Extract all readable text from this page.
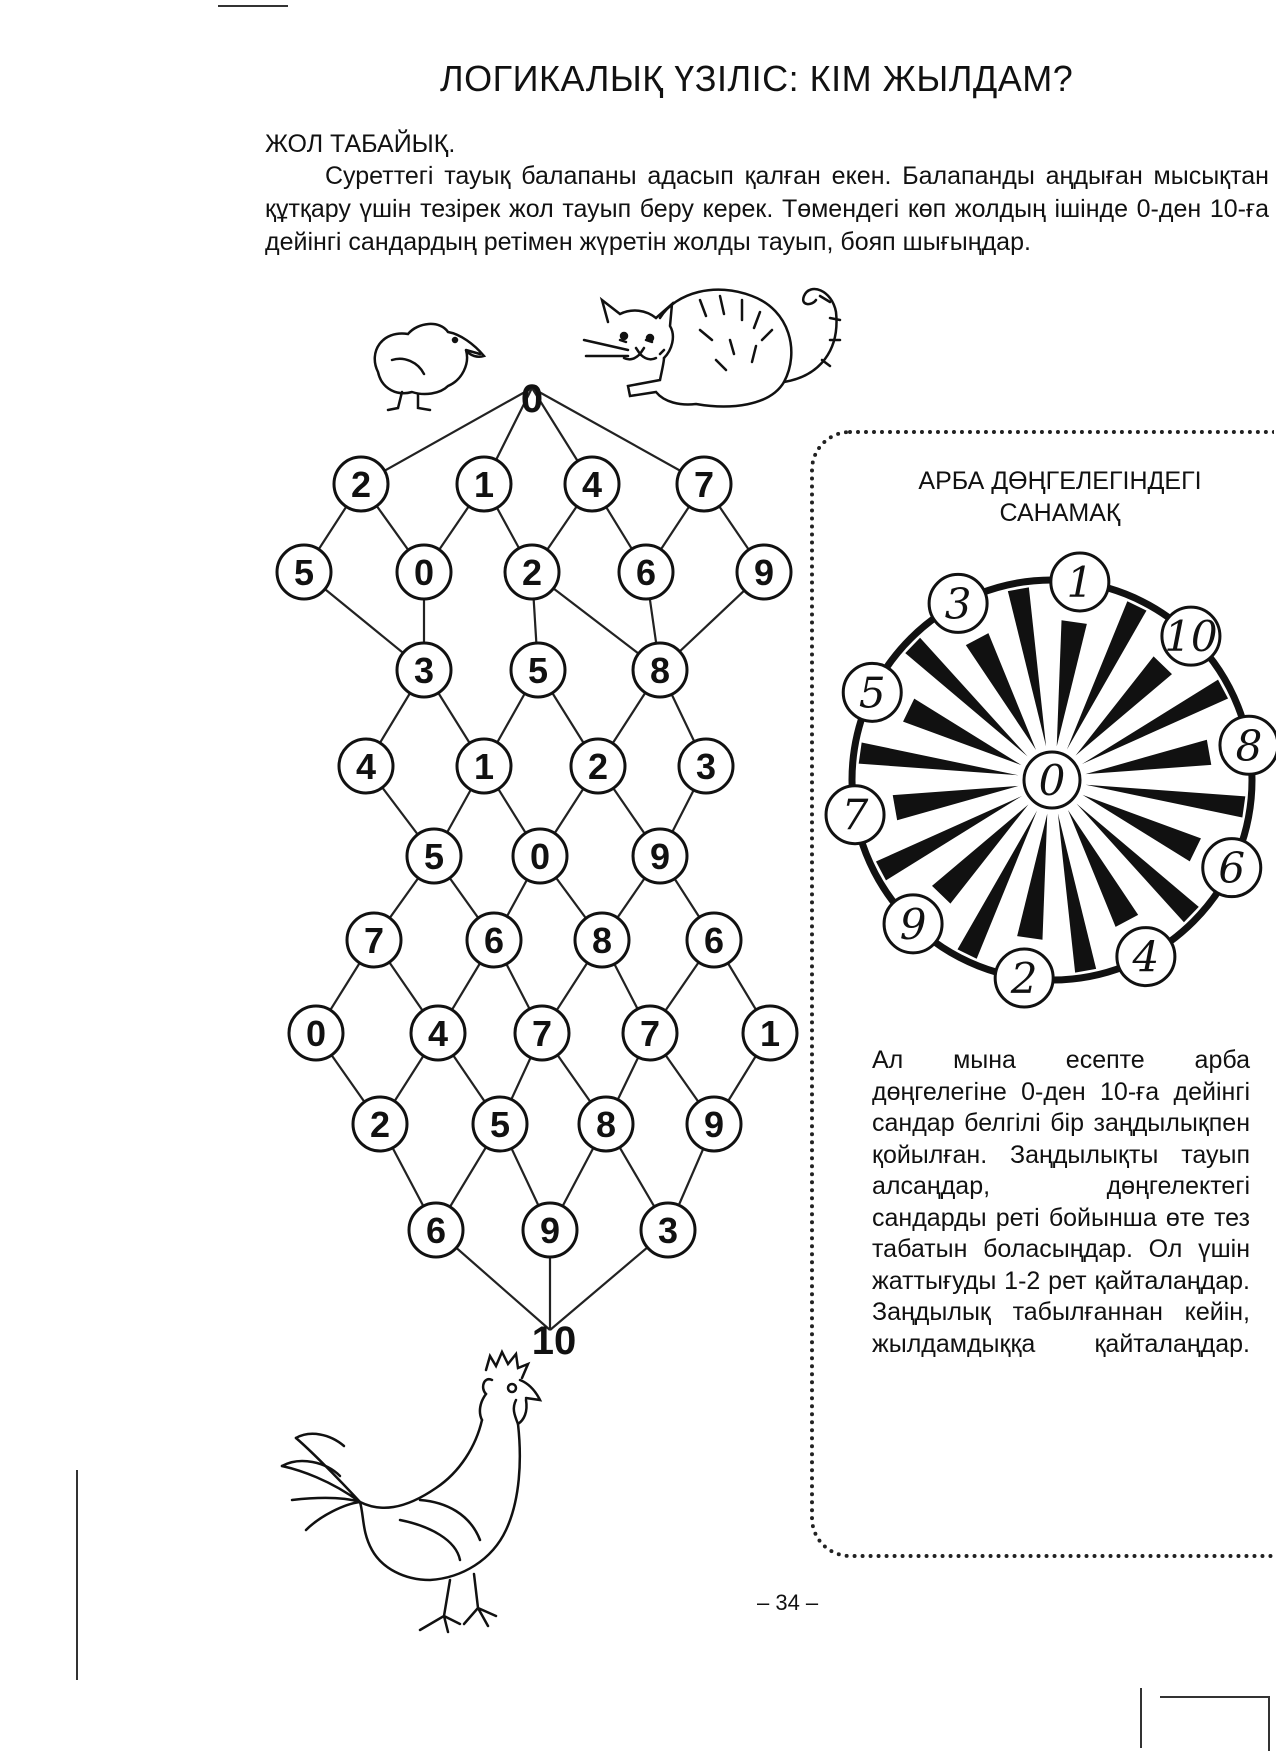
ЛОГИКАЛЫҚ ҮЗІЛІС: КІМ ЖЫЛДАМ?
ЖОЛ ТАБАЙЫҚ.
Суреттегі тауық балапаны адасып қалған екен. Балапанды аңдыған мысықтан құтқару үшін тезірек жол тауып беру керек. Төмендегі көп жолдың ішінде 0-ден 10-ға дейінгі сандардың ретімен жүретін жолды тауып, бояп шығыңдар.
2	1 4	7
5	0 2	6	9
3	5	8
4	1	2 3
5 0	9
7	6 8	6
0	4 7 7	1
2	5 8 9
6	9	3
0
10
1
10
8
6
4
2
9
7
5
3
0
АРБА ДӨҢГЕЛЕГІНДЕГІ САНАМАҚ
Ал мына есепте арба дөңгелегіне 0-ден 10-ға дейінгі сандар белгілі бір заңдылықпен қойылған. Заңдылықты тауып алсаңдар, дөңгелектегі сандарды реті бойынша өте тез табатын боласыңдар. Ол үшін жаттығуды 1-2 рет қайталаңдар. Заңдылық табылғаннан кейін, жылдамдыққа қайталаңдар.
– 34 –
